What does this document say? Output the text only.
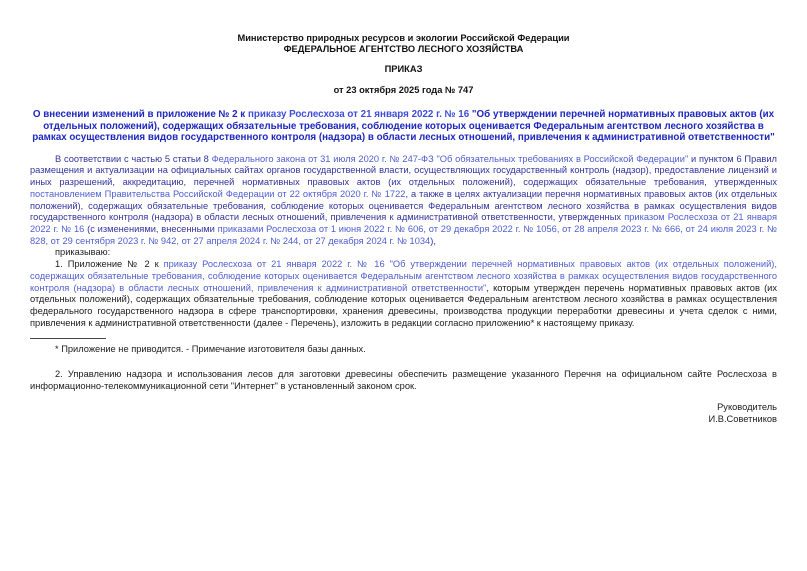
Министерство природных ресурсов и экологии Российской Федерации
ФЕДЕРАЛЬНОЕ АГЕНТСТВО ЛЕСНОГО ХОЗЯЙСТВА
ПРИКАЗ
от 23 октября 2025 года № 747
О внесении изменений в приложение № 2 к приказу Рослесхоза от 21 января 2022 г. № 16 "Об утверждении перечней нормативных правовых актов (их отдельных положений), содержащих обязательные требования, соблюдение которых оценивается Федеральным агентством лесного хозяйства в рамках осуществления видов государственного контроля (надзора) в области лесных отношений, привлечения к административной ответственности"

В соответствии с частью 5 статьи 8 Федерального закона от 31 июля 2020 г. № 247-ФЗ "Об обязательных требованиях в Российской Федерации" и пунктом 6 Правил размещения и актуализации на официальных сайтах органов государственной власти, осуществляющих государственный контроль (надзор), предоставление лицензий и иных разрешений, аккредитацию, перечней нормативных правовых актов (их отдельных положений), содержащих обязательные требования, утвержденных постановлением Правительства Российской Федерации от 22 октября 2020 г. № 1722, а также в целях актуализации перечня нормативных правовых актов (их отдельных положений), содержащих обязательные требования, соблюдение которых оценивается Федеральным агентством лесного хозяйства в рамках осуществления видов государственного контроля (надзора) в области лесных отношений, привлечения к административной ответственности, утвержденных приказом Рослесхоза от 21 января 2022 г. № 16 (с изменениями, внесенными приказами Рослесхоза от 1 июня 2022 г. № 606, от 29 декабря 2022 г. № 1056, от 28 апреля 2023 г. № 666, от 24 июля 2023 г. № 828, от 29 сентября 2023 г. № 942, от 27 апреля 2024 г. № 244, от 27 декабря 2024 г. № 1034),

приказываю:

1. Приложение № 2 к приказу Рослесхоза от 21 января 2022 г. № 16 "Об утверждении перечней нормативных правовых актов (их отдельных положений), содержащих обязательные требования, соблюдение которых оценивается Федеральным агентством лесного хозяйства в рамках осуществления видов государственного контроля (надзора) в области лесных отношений, привлечения к административной ответственности", которым утвержден перечень нормативных правовых актов (их отдельных положений), содержащих обязательные требования, соблюдение которых оценивается Федеральным агентством лесного хозяйства в рамках осуществления федерального государственного надзора в сфере транспортировки, хранения древесины, производства продукции переработки древесины и учета сделок с ними, привлечения к административной ответственности (далее - Перечень), изложить в редакции согласно приложению* к настоящему приказу.

* Приложение не приводится. - Примечание изготовителя базы данных.

2. Управлению надзора и использования лесов для заготовки древесины обеспечить размещение указанного Перечня на официальном сайте Рослесхоза в информационно-телекоммуникационной сети "Интернет" в установленный законом срок.

Руководитель
И.В.Советников
